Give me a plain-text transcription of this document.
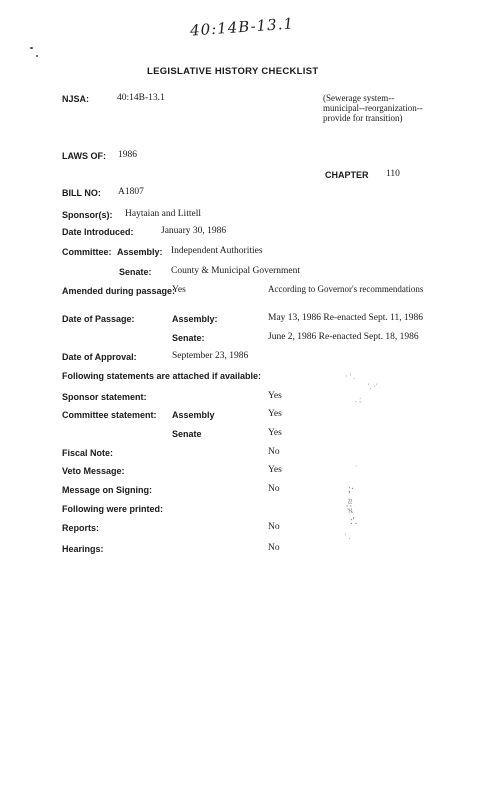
40:14B-13.1
LEGISLATIVE HISTORY CHECKLIST
NJSA:	40:14B-13.1	(Sewerage system--municipal--reorganization--provide for transition)
LAWS OF: 1986
CHAPTER 110
BILL NO: A1807
Sponsor(s): Haytaian and Littell
Date Introduced:	January 30, 1986
Committee: Assembly: Independent Authorities
Senate: County & Municipal Government
Amended during passage:
Yes	According to Governor's recommendations
Date of Passage:	Assembly:	May 13, 1986 Re-enacted Sept. 11, 1986
Senate:	June 2, 1986 Re-enacted Sept. 18, 1986
Date of Approval:	September 23, 1986
Following statements are attached if available:	· ' .
'. ·'
. ;
Sponsor statement:	Yes
Committee statement: Assembly	Yes
Senate	Yes
Fiscal Note:	No
Veto Message:	Yes	·
;·
≈:≠
:'.
' .
Message on Signing:	No
Following were printed:
Reports:	No
Hearings:	No
